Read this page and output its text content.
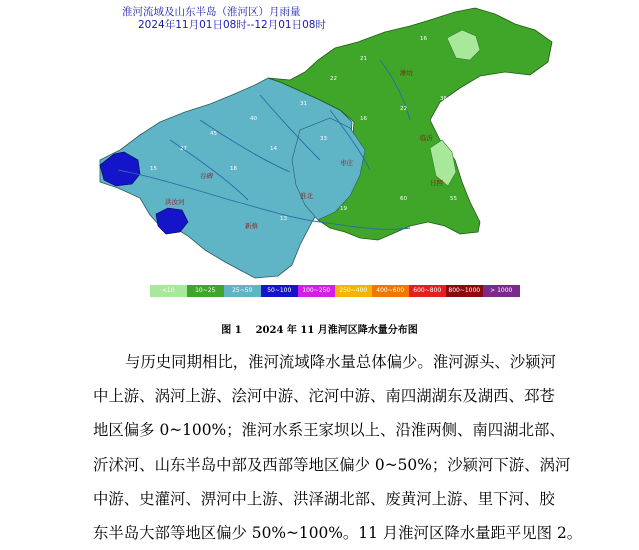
洪汝河
谷碑
新蔡
枣庄
淮北
临沂
潍坊
日照
12
16
21
22
31
40
45
27
15	18
14
33
16
22
36
42
55
60
19
13
淮河流域及山东半岛（淮河区）月雨量
2024年11月01日08时--12月01日08时
<10	10~25	25~50	50~100	100~250	250~400	400~600	600~800	800~1000	> 1000
图 1    2024 年 11 月淮河区降水量分布图
与历史同期相比，淮河流域降水量总体偏少。淮河源头、沙颍河
中上游、涡河上游、浍河中游、沱河中游、南四湖湖东及湖西、邳苍
地区偏多 0~100%；淮河水系王家坝以上、沿淮两侧、南四湖北部、
沂沭河、山东半岛中部及西部等地区偏少 0~50%；沙颍河下游、涡河
中游、史灌河、淠河中上游、洪泽湖北部、废黄河上游、里下河、胶
东半岛大部等地区偏少 50%~100%。11 月淮河区降水量距平见图 2。
